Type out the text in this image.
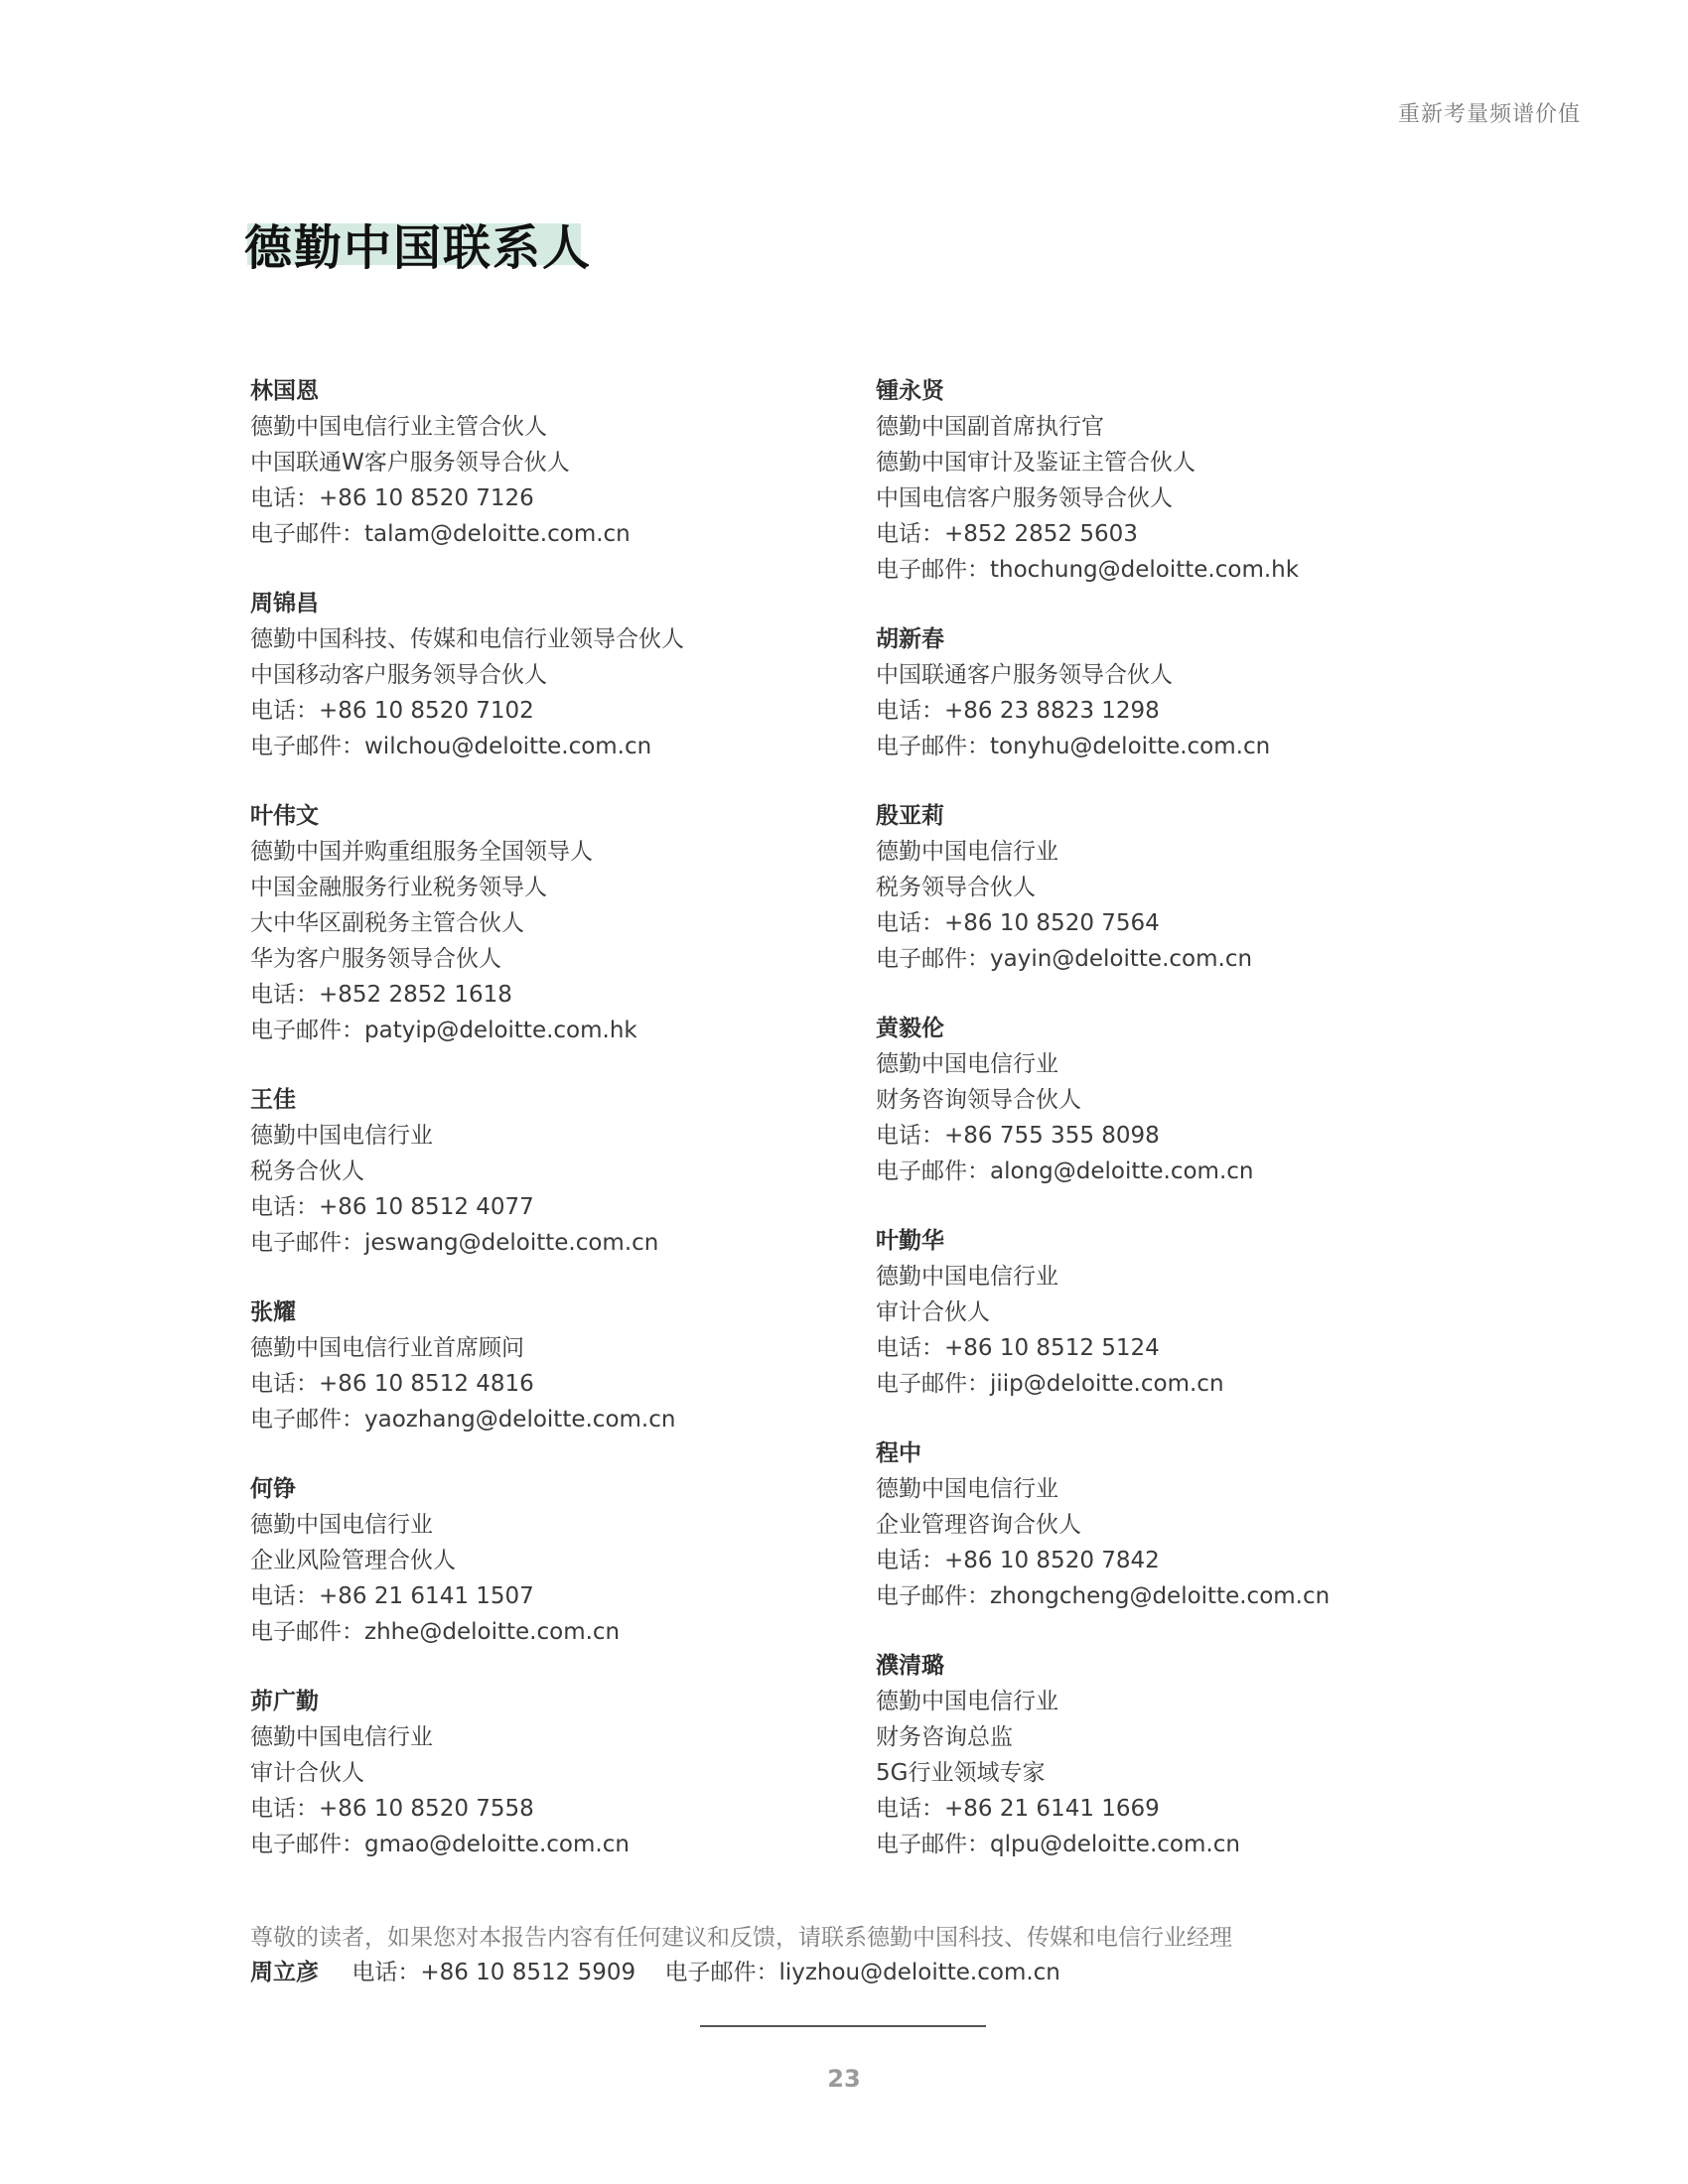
重新考量频谱价值
德勤中国联系人
林国恩
德勤中国电信行业主管合伙人
中国联通W客户服务领导合伙人
电话：+86 10 8520 7126
电子邮件：talam@deloitte.com.cn
周锦昌
德勤中国科技、传媒和电信行业领导合伙人
中国移动客户服务领导合伙人
电话：+86 10 8520 7102
电子邮件：wilchou@deloitte.com.cn
叶伟文
德勤中国并购重组服务全国领导人
中国金融服务行业税务领导人
大中华区副税务主管合伙人
华为客户服务领导合伙人
电话：+852 2852 1618
电子邮件：patyip@deloitte.com.hk
王佳
德勤中国电信行业
税务合伙人
电话：+86 10 8512 4077
电子邮件：jeswang@deloitte.com.cn
张耀
德勤中国电信行业首席顾问
电话：+86 10 8512 4816
电子邮件：yaozhang@deloitte.com.cn
何铮
德勤中国电信行业
企业风险管理合伙人
电话：+86 21 6141 1507
电子邮件：zhhe@deloitte.com.cn
茆广勤
德勤中国电信行业
审计合伙人
电话：+86 10 8520 7558
电子邮件：gmao@deloitte.com.cn
锺永贤
德勤中国副首席执行官
德勤中国审计及鉴证主管合伙人
中国电信客户服务领导合伙人
电话：+852 2852 5603
电子邮件：thochung@deloitte.com.hk
胡新春
中国联通客户服务领导合伙人
电话：+86 23 8823 1298
电子邮件：tonyhu@deloitte.com.cn
殷亚莉
德勤中国电信行业
税务领导合伙人
电话：+86 10 8520 7564
电子邮件：yayin@deloitte.com.cn
黄毅伦
德勤中国电信行业
财务咨询领导合伙人
电话：+86 755 355 8098
电子邮件：along@deloitte.com.cn
叶勤华
德勤中国电信行业
审计合伙人
电话：+86 10 8512 5124
电子邮件：jiip@deloitte.com.cn
程中
德勤中国电信行业
企业管理咨询合伙人
电话：+86 10 8520 7842
电子邮件：zhongcheng@deloitte.com.cn
濮清璐
德勤中国电信行业
财务咨询总监
5G行业领域专家
电话：+86 21 6141 1669
电子邮件：qlpu@deloitte.com.cn
尊敬的读者，如果您对本报告内容有任何建议和反馈，请联系德勤中国科技、传媒和电信行业经理
周立彦 电话：+86 10 8512 5909 电子邮件：liyzhou@deloitte.com.cn
23
